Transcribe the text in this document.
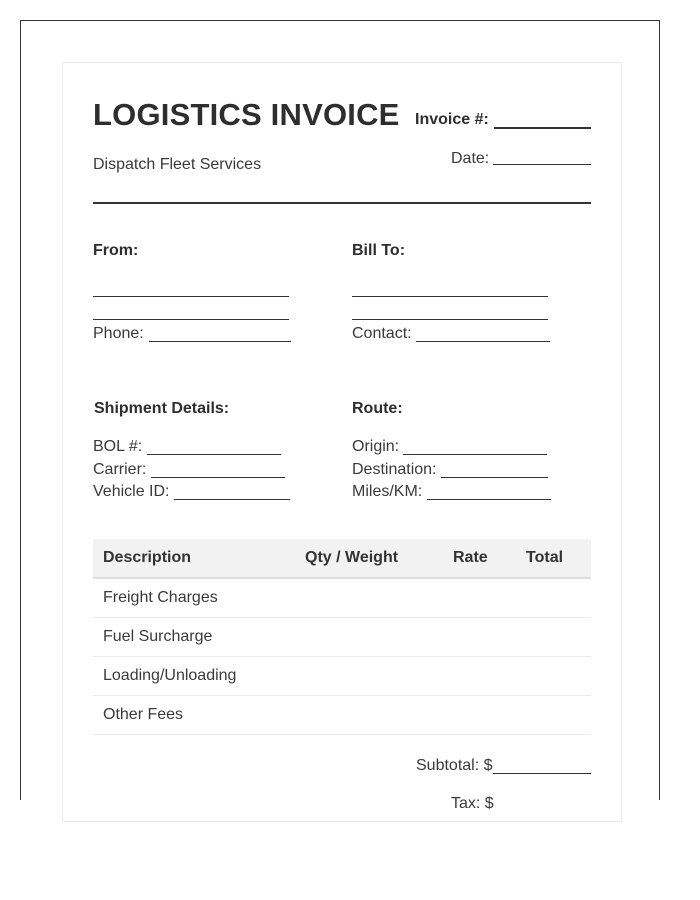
LOGISTICS INVOICE Invoice #:
Dispatch Fleet Services	Date:
From:
Phone:
Bill To:
Contact:
Shipment Details:
BOL #:
Carrier:
Vehicle ID:
Route:
Origin:
Destination:
Miles/KM:
Description	Qty / Weight	Rate	Total
Freight Charges			
Fuel Surcharge			
Loading/Unloading			
Other Fees			
Subtotal: $
Tax: $
